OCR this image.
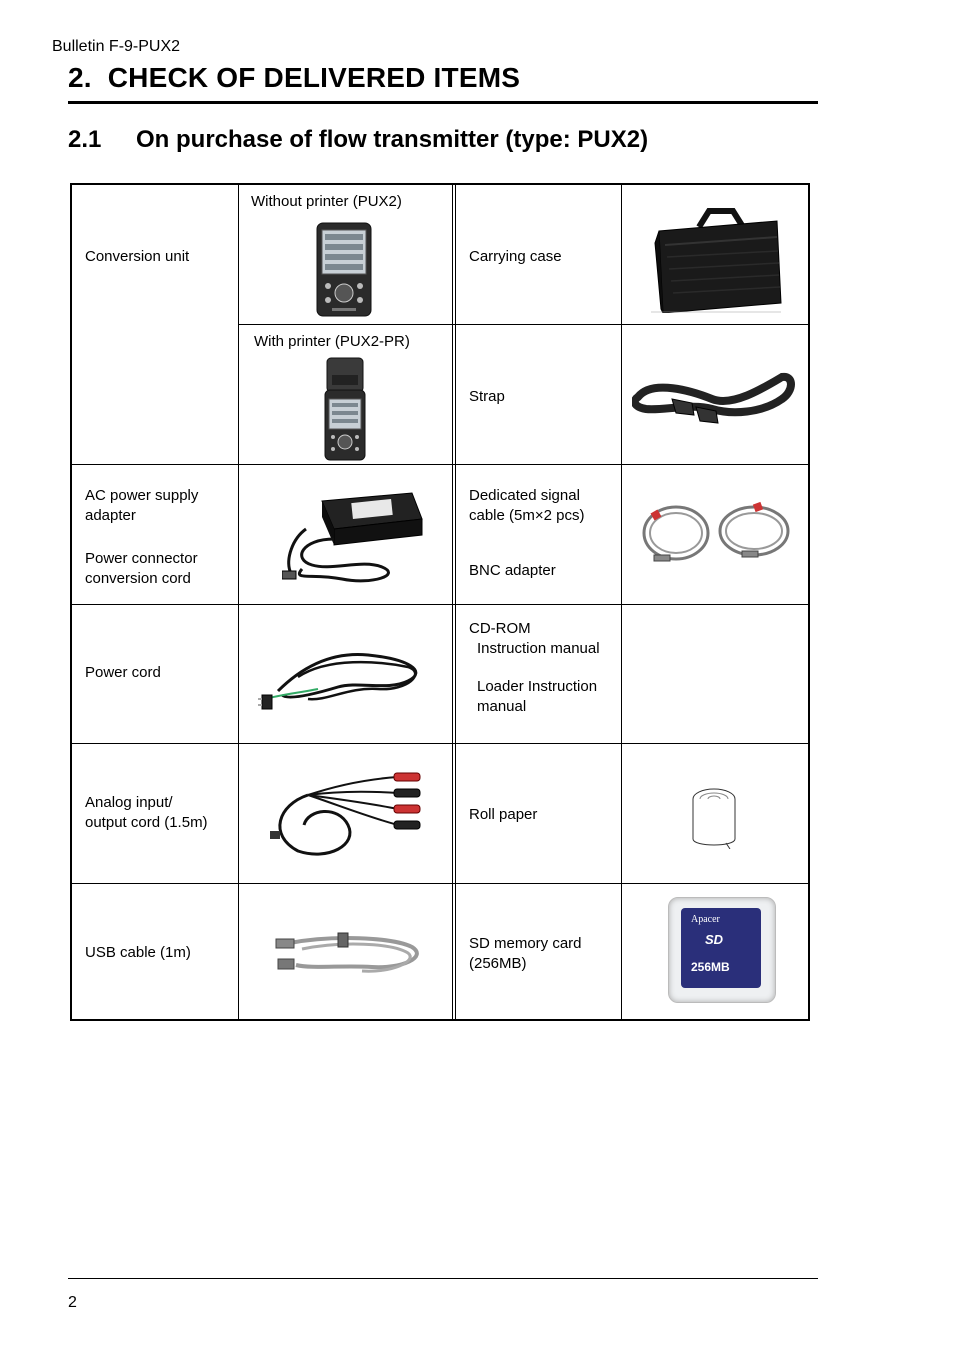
Bulletin F-9-PUX2
2. CHECK OF DELIVERED ITEMS
2.1 On purchase of flow transmitter (type: PUX2)
Conversion unit
Without printer (PUX2)
With printer (PUX2-PR)
Carrying case
Strap
AC power supply
adapter
Power connector
conversion cord
Dedicated signal
cable (5m×2 pcs)
BNC adapter
Power cord
CD-ROM
Instruction manual
Loader Instruction
manual
Analog input/
output cord (1.5m)	Roll paper
USB cable (1m)
SD memory card
(256MB)
Apacer
SD
256MB
2
